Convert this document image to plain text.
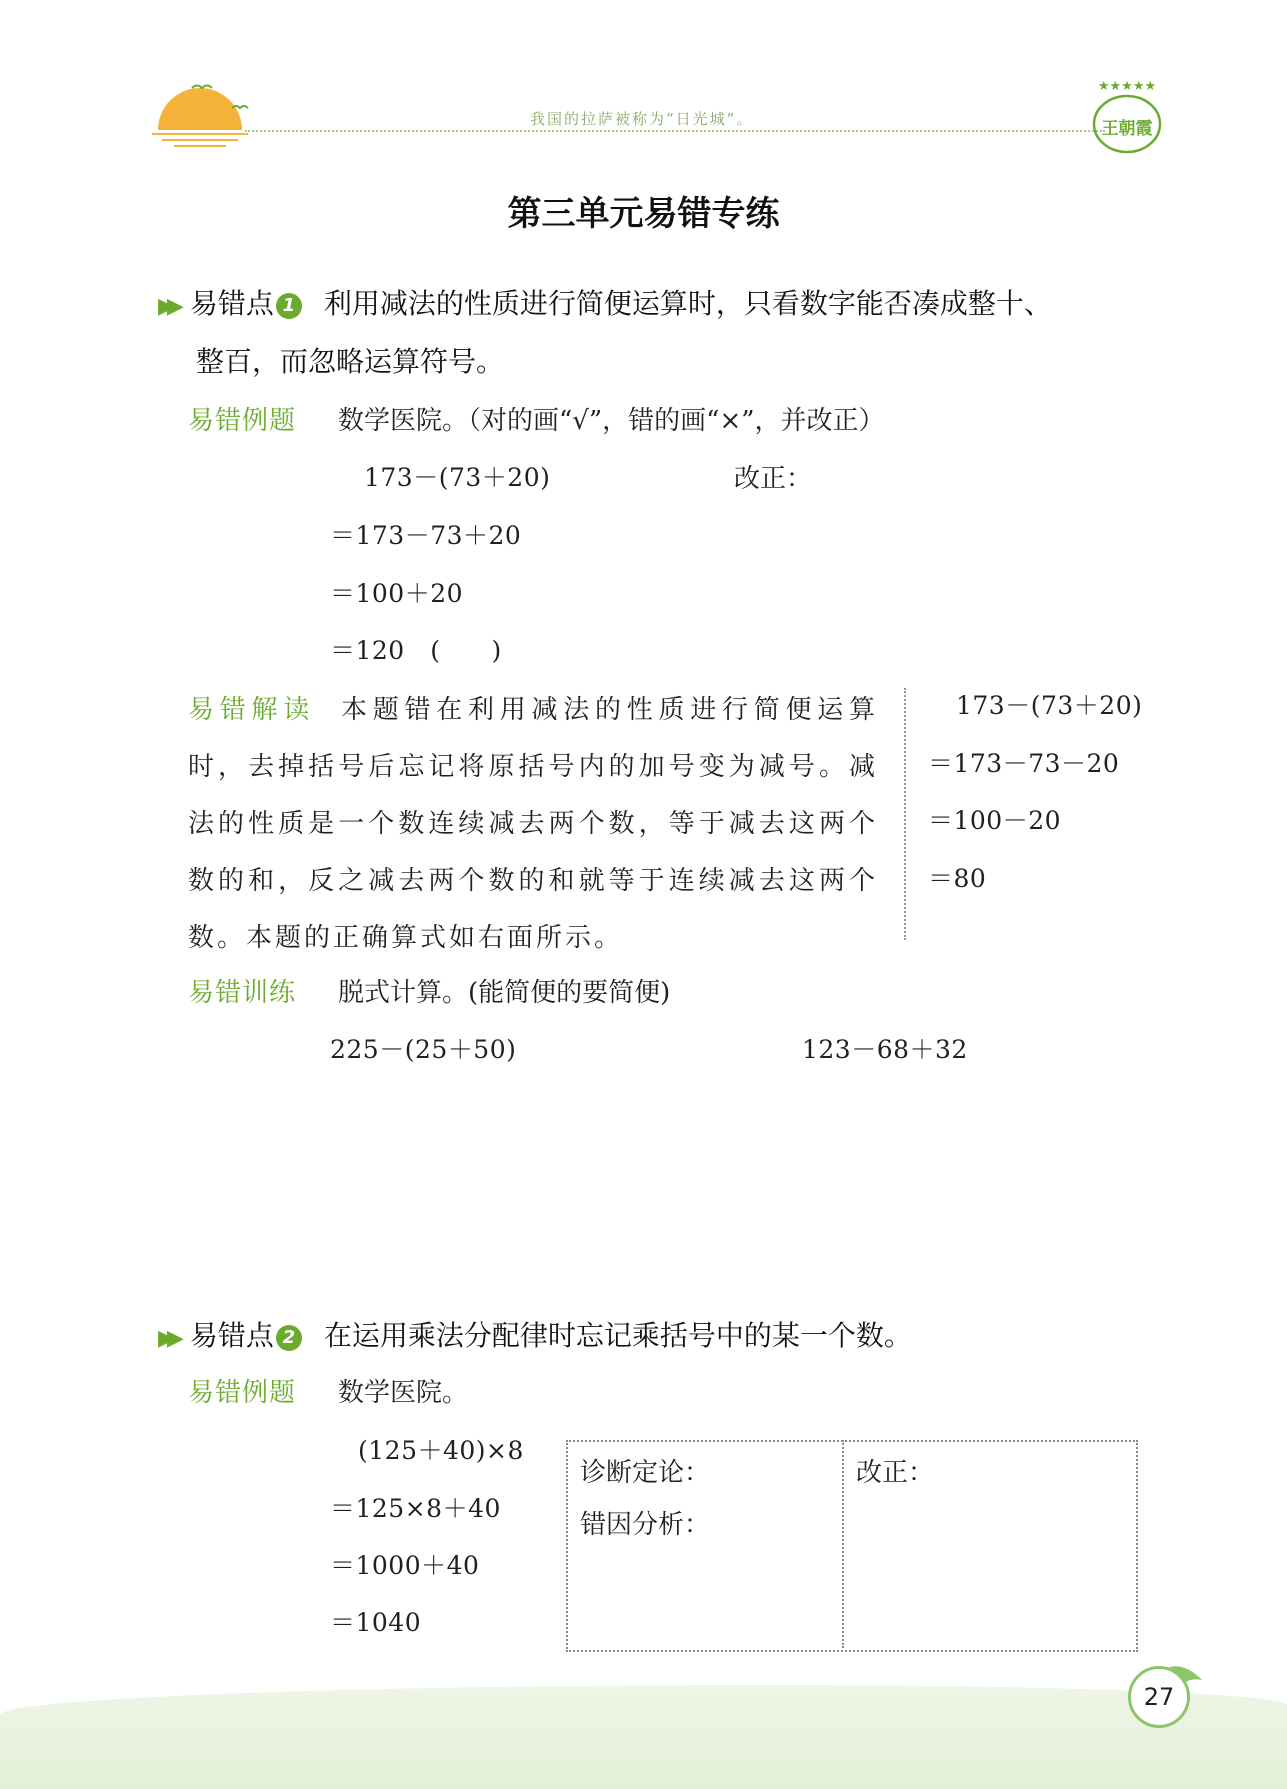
我国的拉萨被称为“日光城”。
★★★★★
王朝霞
第三单元易错专练
▶▶ 易错点 1 利用减法的性质进行简便运算时，只看数字能否凑成整十、
整百，而忽略运算符号。
易错例题 数学医院。（对的画“√”，错的画“×”，并改正）
173－(73＋20)
＝173－73＋20
＝100＋20
＝120　(　　)
改正：
易错解读 本题错在利用减法的性质进行简便运算时，去掉括号后忘记将原括号内的加号变为减号。减法的性质是一个数连续减去两个数，等于减去这两个数的和，反之减去两个数的和就等于连续减去这两个数。本题的正确算式如右面所示。
173－(73＋20)
＝173－73－20
＝100－20
＝80
易错训练 脱式计算。(能简便的要简便)
225－(25＋50)	123－68＋32
▶▶ 易错点 2 在运用乘法分配律时忘记乘括号中的某一个数。
易错例题 数学医院。
(125＋40)×8
＝125×8＋40
＝1000＋40
＝1040
诊断定论：
错因分析：
改正：
27
